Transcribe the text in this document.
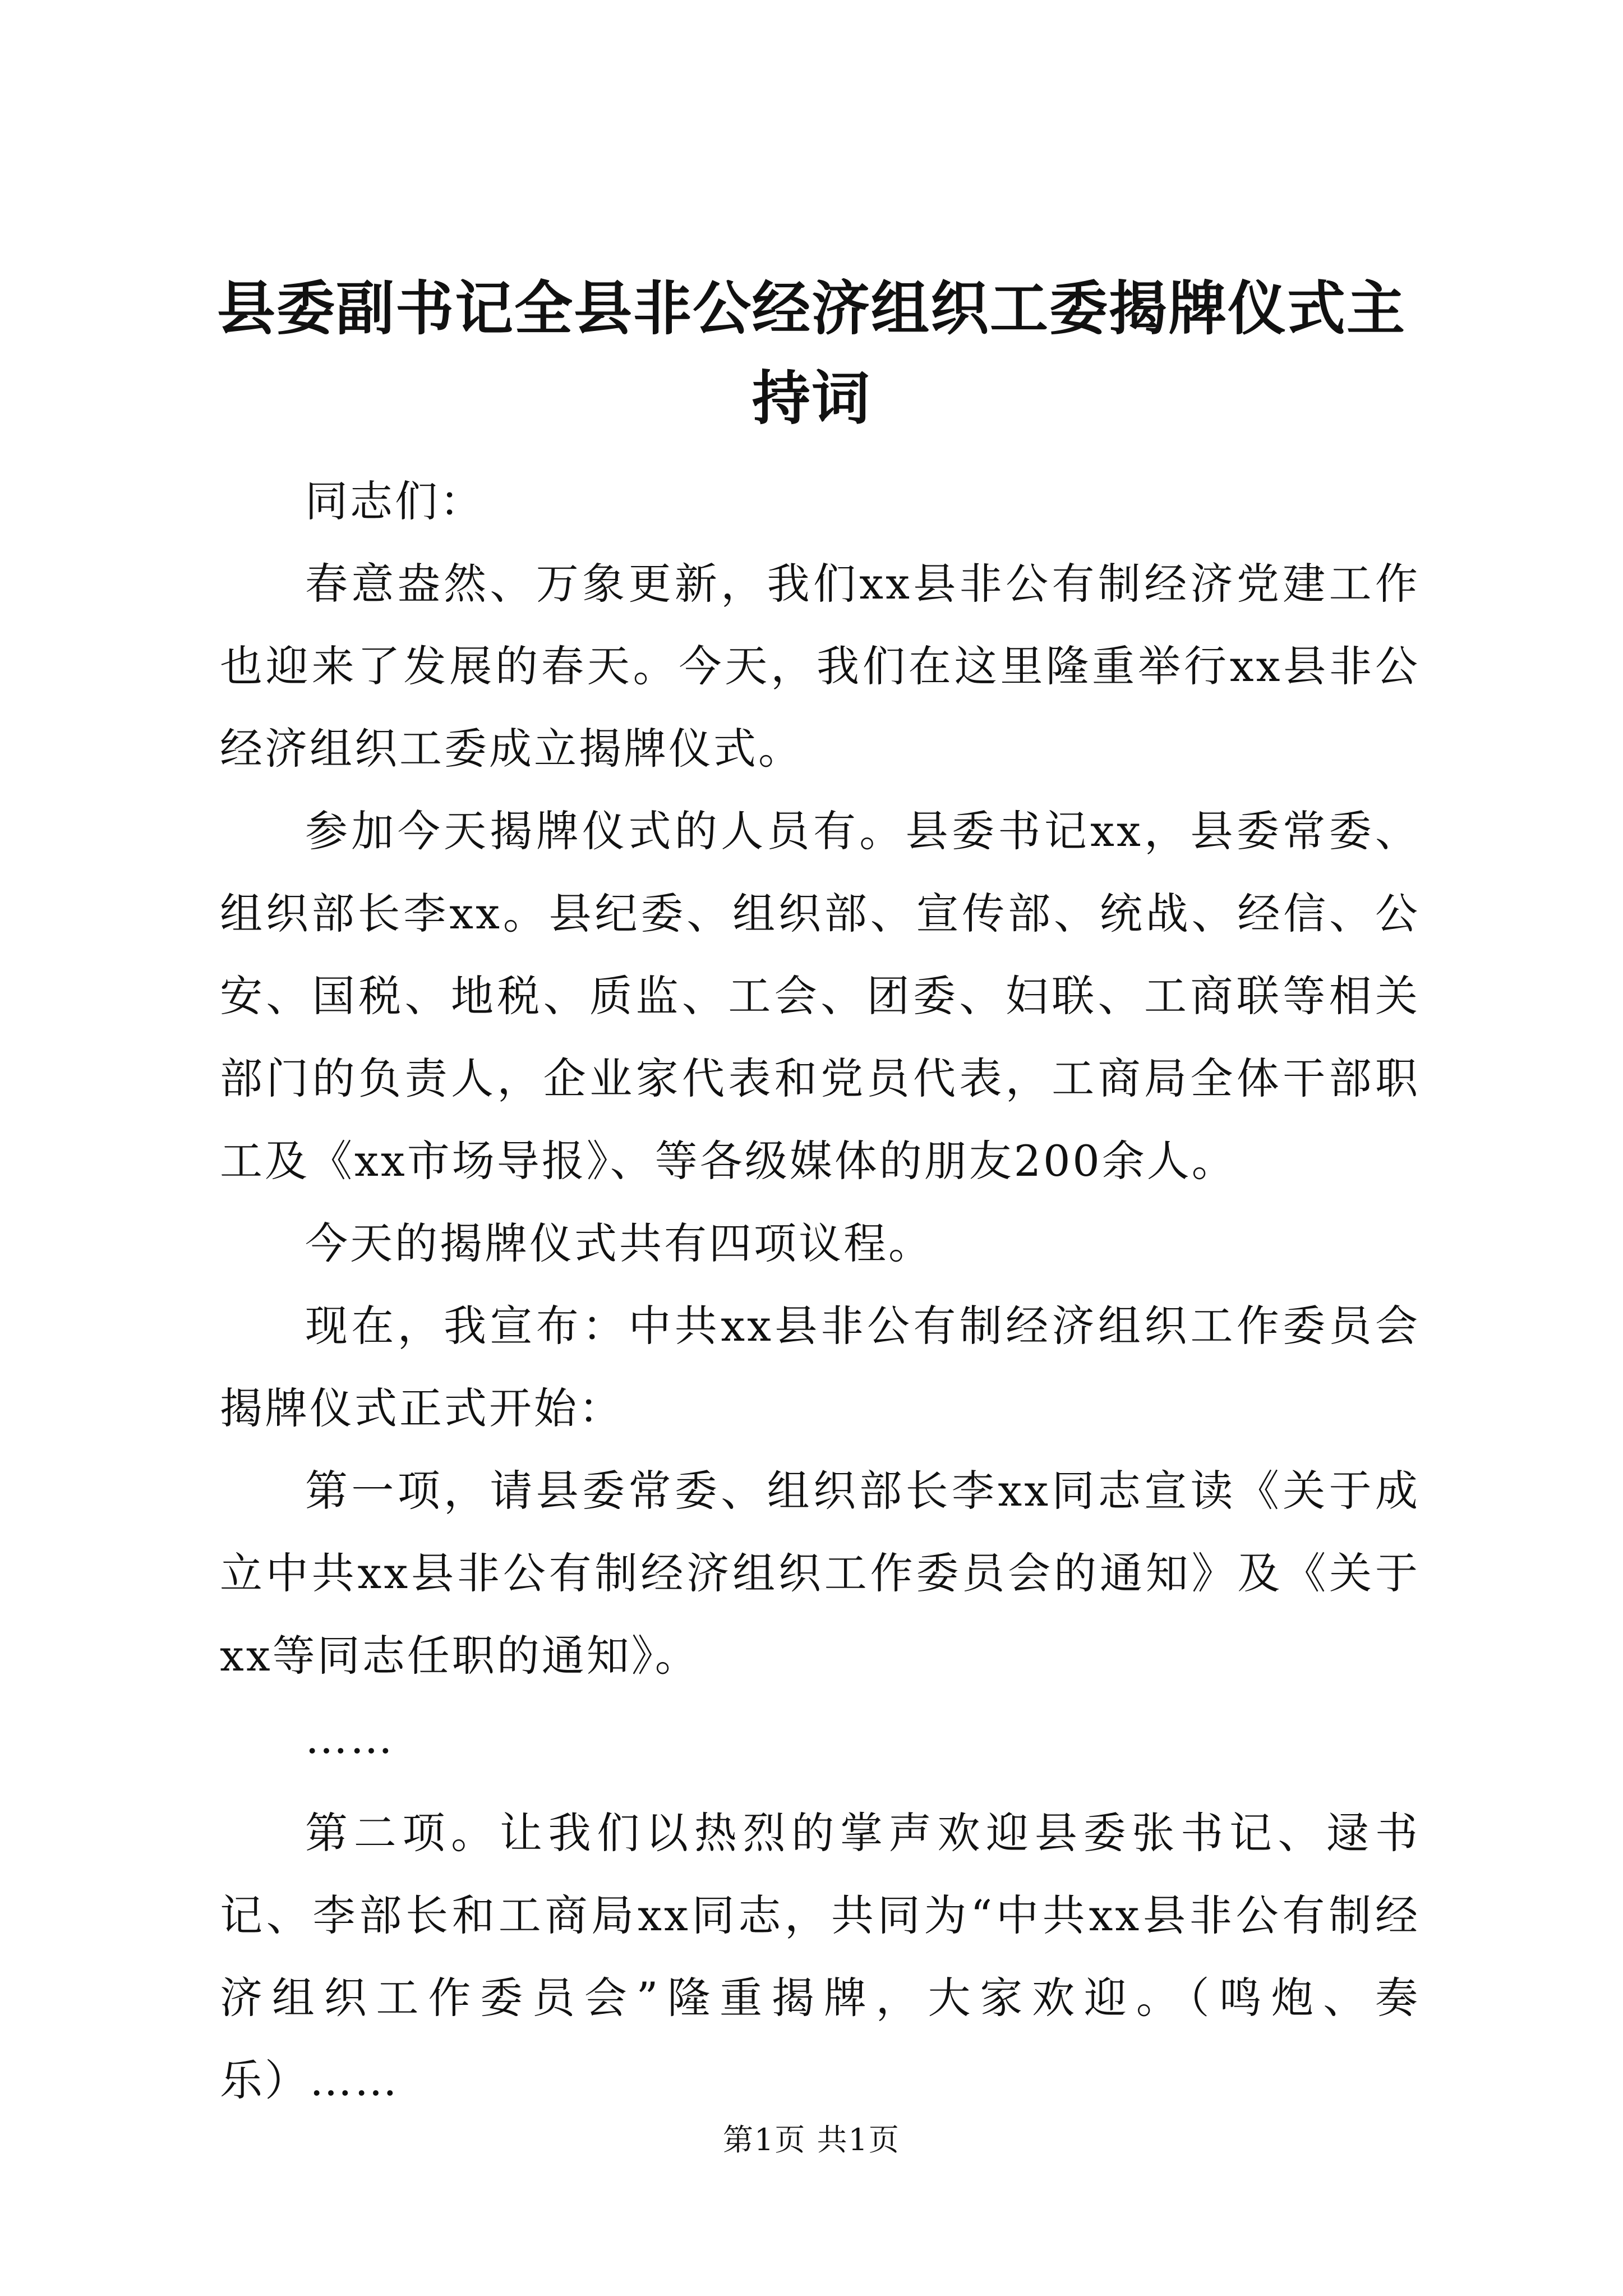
县委副书记全县非公经济组织工委揭牌仪式主持词

同志们：

春意盎然、万象更新，我们xx县非公有制经济党建工作也迎来了发展的春天。今天，我们在这里隆重举行xx县非公经济组织工委成立揭牌仪式。

参加今天揭牌仪式的人员有。县委书记xx，县委常委、组织部长李xx。县纪委、组织部、宣传部、统战、经信、公安、国税、地税、质监、工会、团委、妇联、工商联等相关部门的负责人，企业家代表和党员代表，工商局全体干部职工及《xx市场导报》、等各级媒体的朋友200余人。

今天的揭牌仪式共有四项议程。

现在，我宣布：中共xx县非公有制经济组织工作委员会揭牌仪式正式开始：

第一项，请县委常委、组织部长李xx同志宣读《关于成立中共xx县非公有制经济组织工作委员会的通知》及《关于xx等同志任职的通知》。

……

第二项。让我们以热烈的掌声欢迎县委张书记、逯书记、李部长和工商局xx同志，共同为“中共xx县非公有制经济组织工作委员会”隆重揭牌，大家欢迎。（鸣炮、奏乐）……

第1页 共1页
